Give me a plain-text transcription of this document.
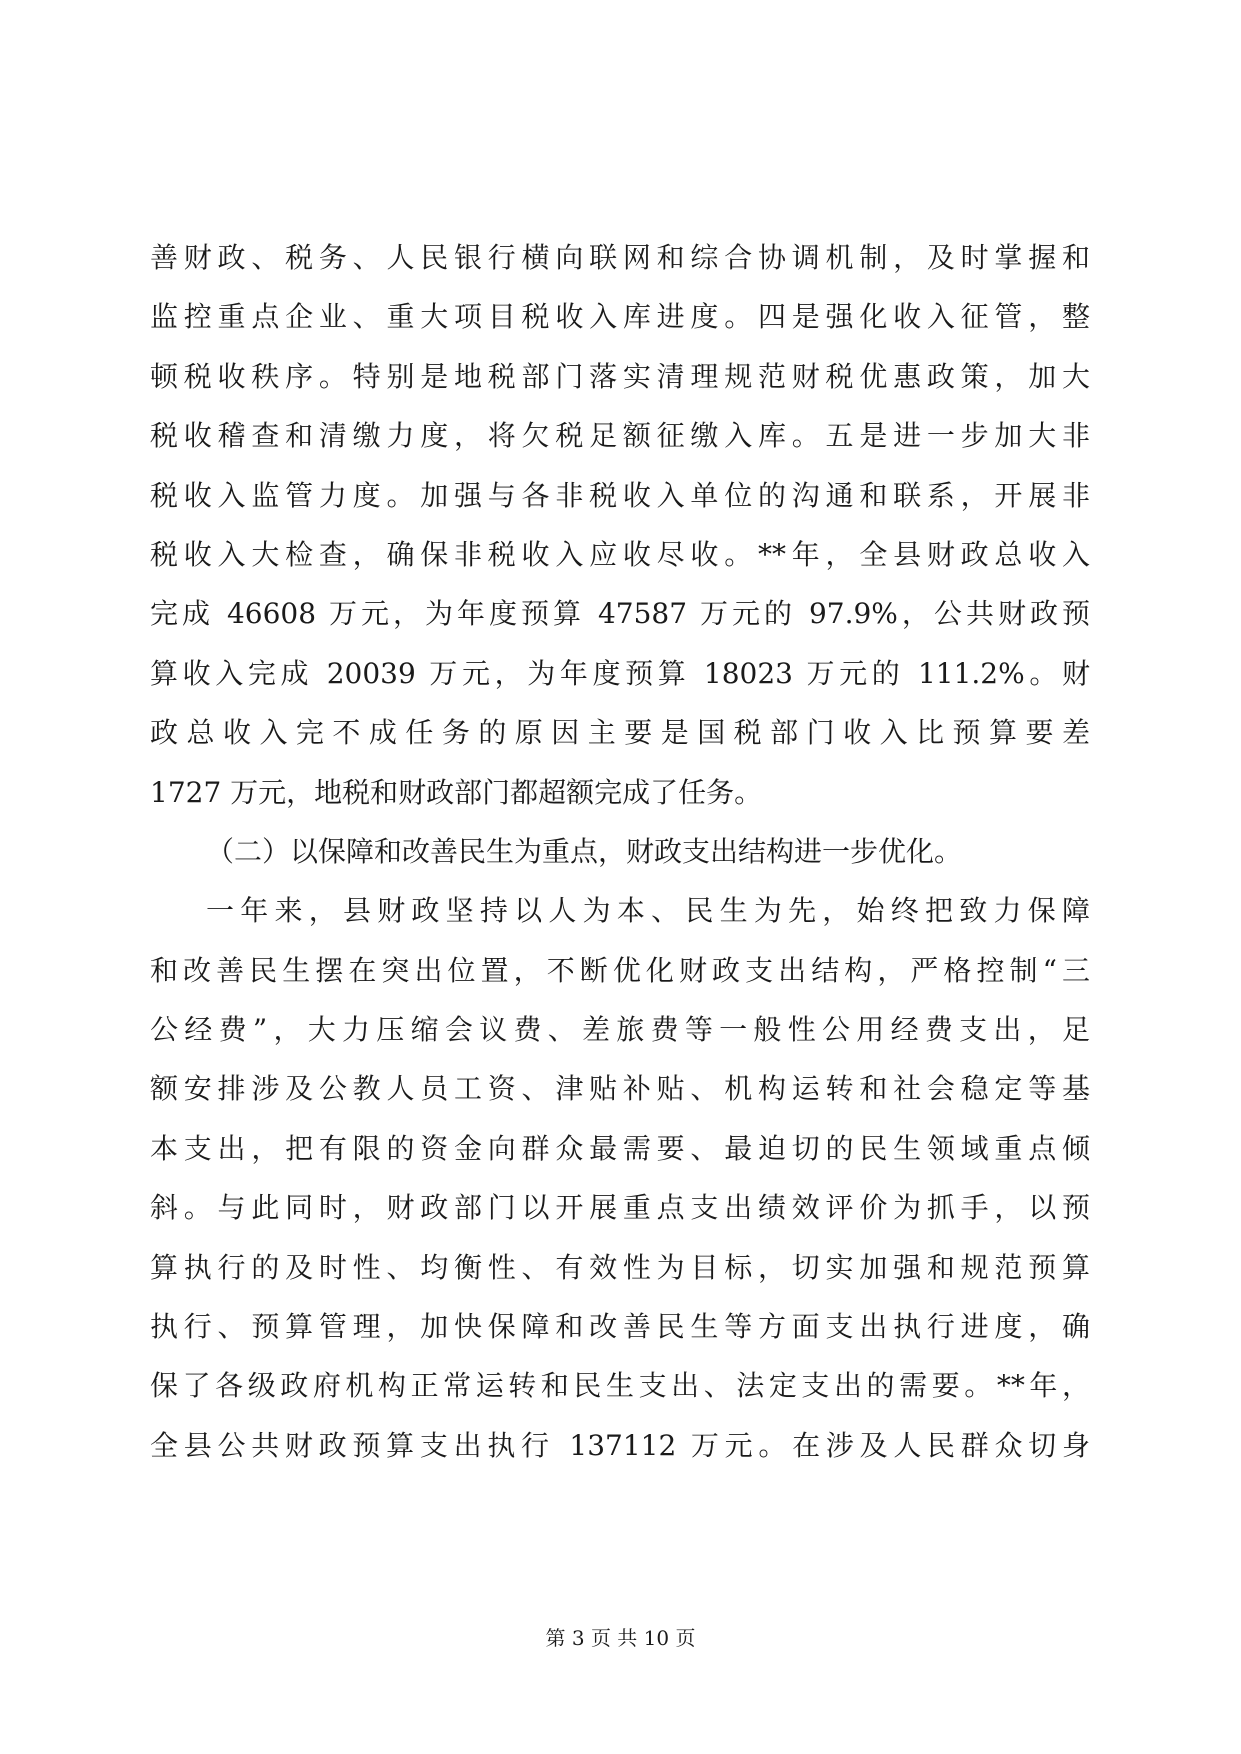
善财政、税务、人民银行横向联网和综合协调机制，及时掌握和
监控重点企业、重大项目税收入库进度。四是强化收入征管，整
顿税收秩序。特别是地税部门落实清理规范财税优惠政策，加大
税收稽查和清缴力度，将欠税足额征缴入库。五是进一步加大非
税收入监管力度。加强与各非税收入单位的沟通和联系，开展非
税收入大检查，确保非税收入应收尽收。**年，全县财政总收入
完成 46608 万元，为年度预算 47587 万元的 97.9%，公共财政预
算收入完成 20039 万元，为年度预算 18023 万元的 111.2%。财
政总收入完不成任务的原因主要是国税部门收入比预算要差
1727 万元，地税和财政部门都超额完成了任务。
（二）以保障和改善民生为重点，财政支出结构进一步优化。
一年来，县财政坚持以人为本、民生为先，始终把致力保障
和改善民生摆在突出位置，不断优化财政支出结构，严格控制“三
公经费”，大力压缩会议费、差旅费等一般性公用经费支出，足
额安排涉及公教人员工资、津贴补贴、机构运转和社会稳定等基
本支出，把有限的资金向群众最需要、最迫切的民生领域重点倾
斜。与此同时，财政部门以开展重点支出绩效评价为抓手，以预
算执行的及时性、均衡性、有效性为目标，切实加强和规范预算
执行、预算管理，加快保障和改善民生等方面支出执行进度，确
保了各级政府机构正常运转和民生支出、法定支出的需要。**年，
全县公共财政预算支出执行 137112 万元。在涉及人民群众切身
第 3 页 共 10 页
